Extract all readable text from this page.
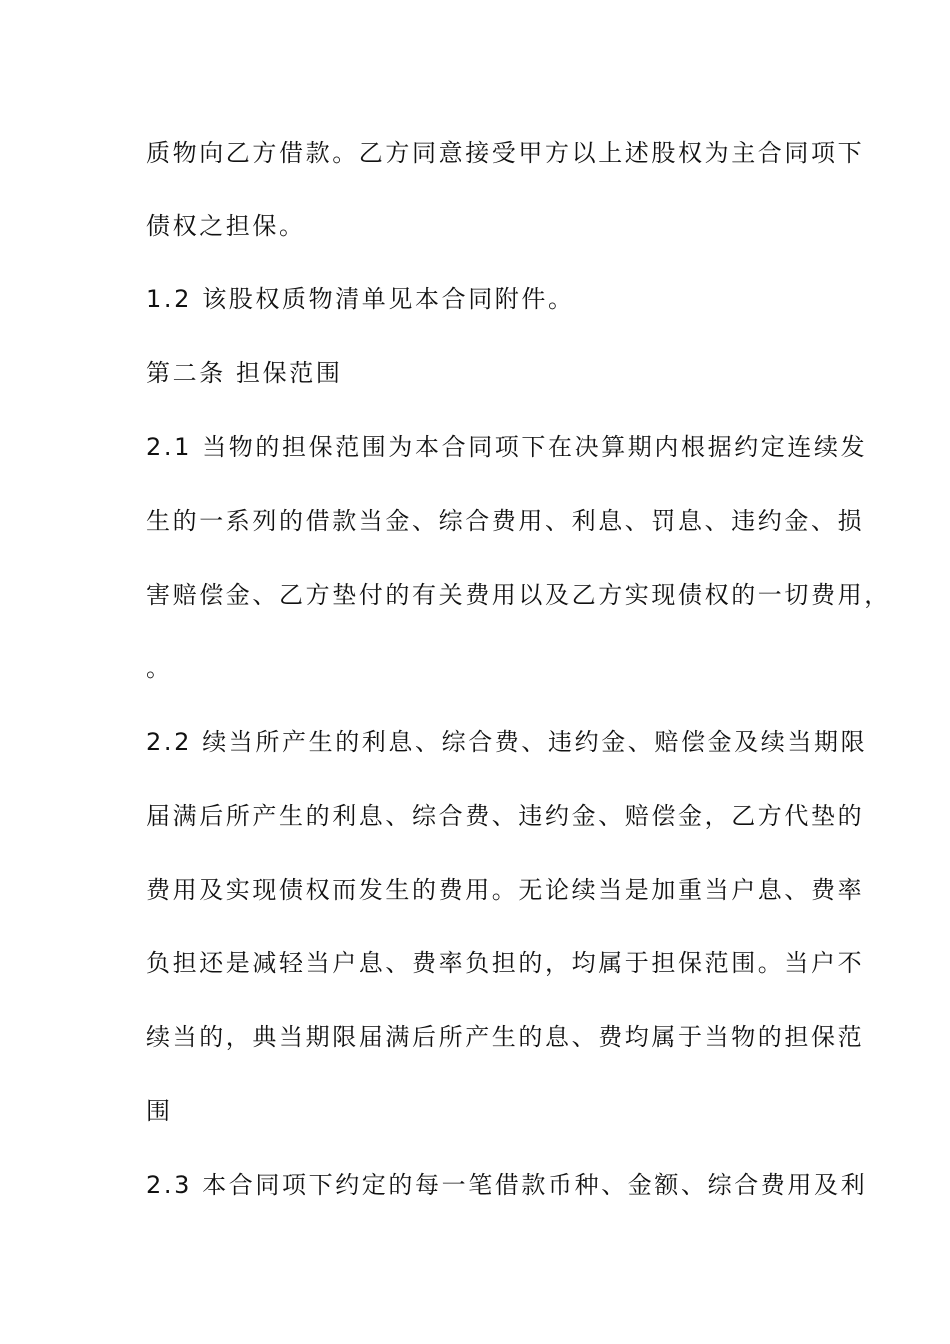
质物向乙方借款。乙方同意接受甲方以上述股权为主合同项下
债权之担保。
1.2 该股权质物清单见本合同附件。
第二条 担保范围
2.1 当物的担保范围为本合同项下在决算期内根据约定连续发
生的一系列的借款当金、综合费用、利息、罚息、违约金、损
害赔偿金、乙方垫付的有关费用以及乙方实现债权的一切费用，
。
2.2 续当所产生的利息、综合费、违约金、赔偿金及续当期限
届满后所产生的利息、综合费、违约金、赔偿金，乙方代垫的
费用及实现债权而发生的费用。无论续当是加重当户息、费率
负担还是减轻当户息、费率负担的，均属于担保范围。当户不
续当的，典当期限届满后所产生的息、费均属于当物的担保范
围
2.3 本合同项下约定的每一笔借款币种、金额、综合费用及利
